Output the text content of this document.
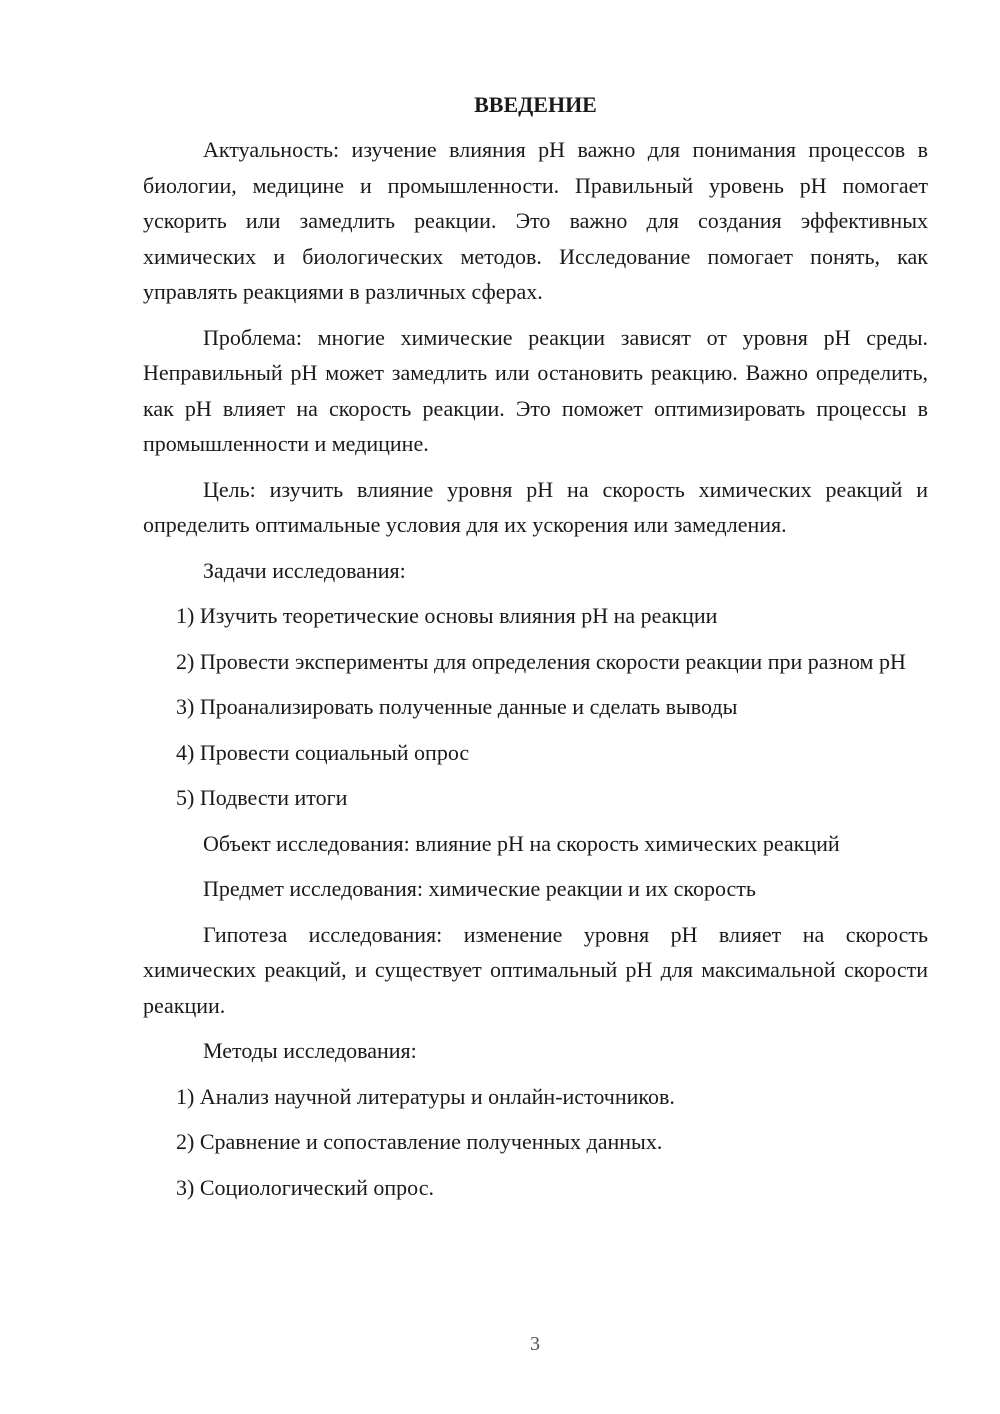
ВВЕДЕНИЕ

Актуальность: изучение влияния pH важно для понимания процессов в биологии, медицине и промышленности. Правильный уровень pH помогает ускорить или замедлить реакции. Это важно для создания эффективных химических и биологических методов. Исследование помогает понять, как управлять реакциями в различных сферах.

Проблема: многие химические реакции зависят от уровня pH среды. Неправильный pH может замедлить или остановить реакцию. Важно определить, как pH влияет на скорость реакции. Это поможет оптимизировать процессы в промышленности и медицине.

Цель: изучить влияние уровня pH на скорость химических реакций и определить оптимальные условия для их ускорения или замедления.

Задачи исследования:

1) Изучить теоретические основы влияния pH на реакции

2) Провести эксперименты для определения скорости реакции при разном pH

3) Проанализировать полученные данные и сделать выводы

4) Провести социальный опрос

5) Подвести итоги

Объект исследования: влияние pH на скорость химических реакций

Предмет исследования: химические реакции и их скорость

Гипотеза исследования: изменение уровня pH влияет на скорость химических реакций, и существует оптимальный pH для максимальной скорости реакции.

Методы исследования:

1) Анализ научной литературы и онлайн-источников.

2) Сравнение и сопоставление полученных данных.

3) Социологический опрос.

3
